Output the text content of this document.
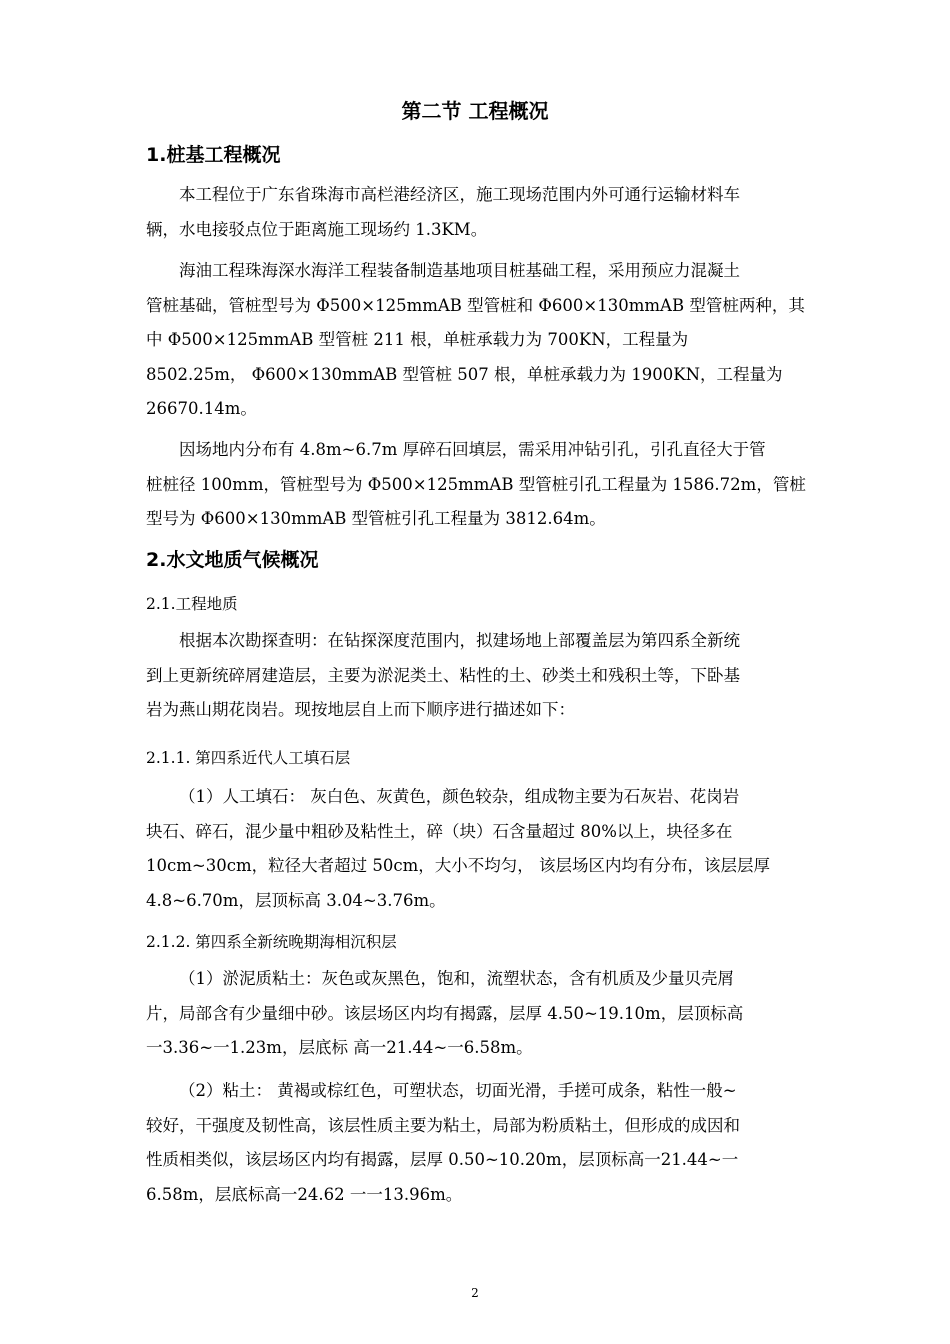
第二节 工程概况
1.桩基工程概况

本工程位于广东省珠海市高栏港经济区，施工现场范围内外可通行运输材料车
辆，水电接驳点位于距离施工现场约 1.3KM。

海油工程珠海深水海洋工程装备制造基地项目桩基础工程，采用预应力混凝土
管桩基础，管桩型号为 Φ500×125mmAB 型管桩和 Φ600×130mmAB 型管桩两种，其
中 Φ500×125mmAB 型管桩 211 根，单桩承载力为 700KN，工程量为
8502.25m， Φ600×130mmAB 型管桩 507 根，单桩承载力为 1900KN，工程量为
26670.14m。

因场地内分布有 4.8m~6.7m 厚碎石回填层，需采用冲钻引孔，引孔直径大于管
桩桩径 100mm，管桩型号为 Φ500×125mmAB 型管桩引孔工程量为 1586.72m，管桩
型号为 Φ600×130mmAB 型管桩引孔工程量为 3812.64m。

2.水文地质气候概况

2.1.工程地质

根据本次勘探查明：在钻探深度范围内，拟建场地上部覆盖层为第四系全新统
到上更新统碎屑建造层，主要为淤泥类土、粘性的土、砂类土和残积土等，下卧基
岩为燕山期花岗岩。现按地层自上而下顺序进行描述如下：

2.1.1. 第四系近代人工填石层

（1）人工填石： 灰白色、灰黄色，颜色较杂，组成物主要为石灰岩、花岗岩
块石、碎石，混少量中粗砂及粘性土，碎（块）石含量超过 80%以上，块径多在
10cm~30cm，粒径大者超过 50cm，大小不均匀， 该层场区内均有分布，该层层厚
4.8~6.70m，层顶标高 3.04~3.76m。

2.1.2. 第四系全新统晚期海相沉积层

（1）淤泥质粘土：灰色或灰黑色，饱和，流塑状态，含有机质及少量贝壳屑
片，局部含有少量细中砂。该层场区内均有揭露，层厚 4.50~19.10m，层顶标高
一3.36~一1.23m，层底标 高一21.44~一6.58m。

（2）粘土： 黄褐或棕红色，可塑状态，切面光滑，手搓可成条，粘性一般~
较好，干强度及韧性高，该层性质主要为粘土，局部为粉质粘土，但形成的成因和
性质相类似，该层场区内均有揭露，层厚 0.50~10.20m，层顶标高一21.44~一
6.58m，层底标高一24.62 一一13.96m。

2
